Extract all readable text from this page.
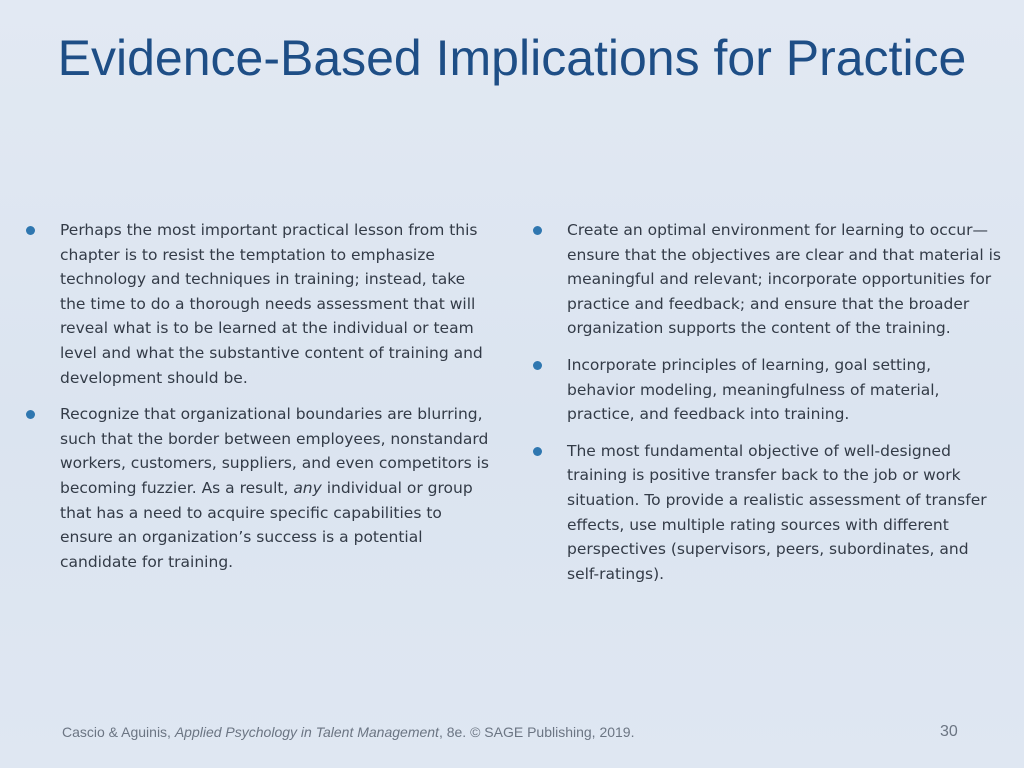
Evidence-Based Implications for Practice
Perhaps the most important practical lesson from this chapter is to resist the temptation to emphasize technology and techniques in training; instead, take the time to do a thorough needs assessment that will reveal what is to be learned at the individual or team level and what the substantive content of training and development should be.
Recognize that organizational boundaries are blurring, such that the border between employees, nonstandard workers, customers, suppliers, and even competitors is becoming fuzzier. As a result, any individual or group that has a need to acquire specific capabilities to ensure an organization’s success is a potential candidate for training.
Create an optimal environment for learning to occur—ensure that the objectives are clear and that material is meaningful and relevant; incorporate opportunities for practice and feedback; and ensure that the broader organization supports the content of the training.
Incorporate principles of learning, goal setting, behavior modeling, meaningfulness of material, practice, and feedback into training.
The most fundamental objective of well-designed training is positive transfer back to the job or work situation. To provide a realistic assessment of transfer effects, use multiple rating sources with different perspectives (supervisors, peers, subordinates, and self-ratings).
Cascio & Aguinis, Applied Psychology in Talent Management, 8e. © SAGE Publishing, 2019.	30
